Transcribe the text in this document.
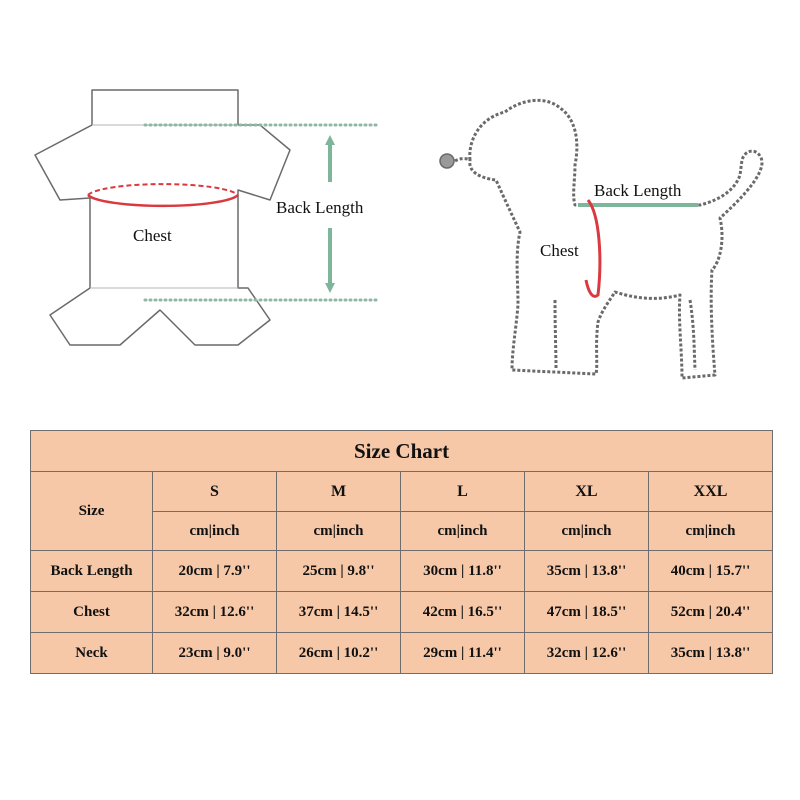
Chest
Back Length
Back Length
Chest
Size Chart					
Size	S	M	L	XL	XXL
	cm|inch	cm|inch	cm|inch	cm|inch	cm|inch
Back Length	20cm | 7.9''	25cm | 9.8''	30cm | 11.8''	35cm | 13.8''	40cm | 15.7''
Chest	32cm | 12.6''	37cm | 14.5''	42cm | 16.5''	47cm | 18.5''	52cm | 20.4''
Neck	23cm | 9.0''	26cm | 10.2''	29cm | 11.4''	32cm | 12.6''	35cm | 13.8''
